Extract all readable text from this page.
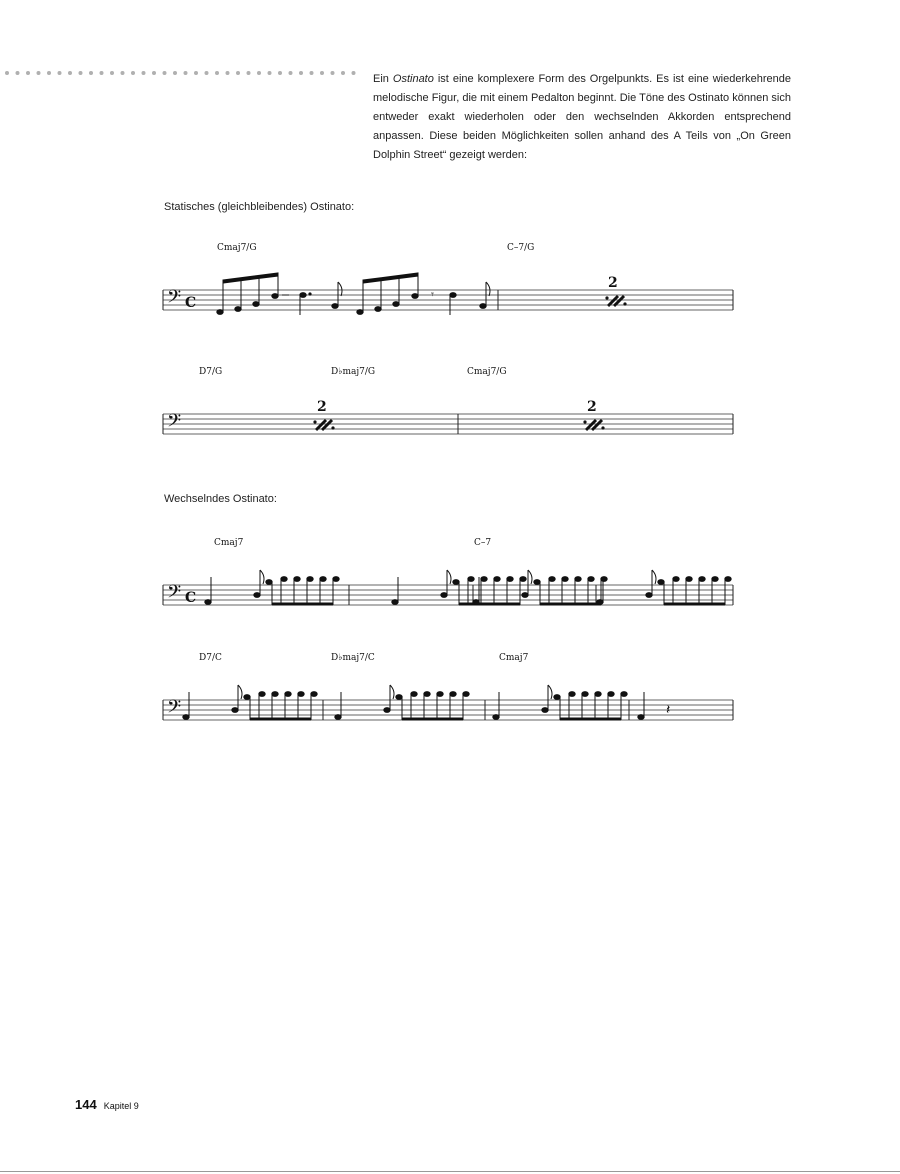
Ein Ostinato ist eine komplexere Form des Orgelpunkts. Es ist eine wiederkehrende melodische Figur, die mit einem Pedalton beginnt. Die Töne des Ostinato können sich entweder exakt wiederholen oder den wechselnden Akkorden entsprechend anpassen. Diese beiden Möglichkeiten sollen anhand des A Teils von „On Green Dolphin Street“ gezeigt werden:
Statisches (gleichbleibendes) Ostinato:
Wechselndes Ostinato:
𝄢
C
𝄾
2
Cmaj7/G	C–7/G
2	2
D7/G	D♭maj7/G	Cmaj7/G
C
Cmaj7	C–7
𝄽
D7/C	D♭maj7/C	Cmaj7
144 Kapitel 9
